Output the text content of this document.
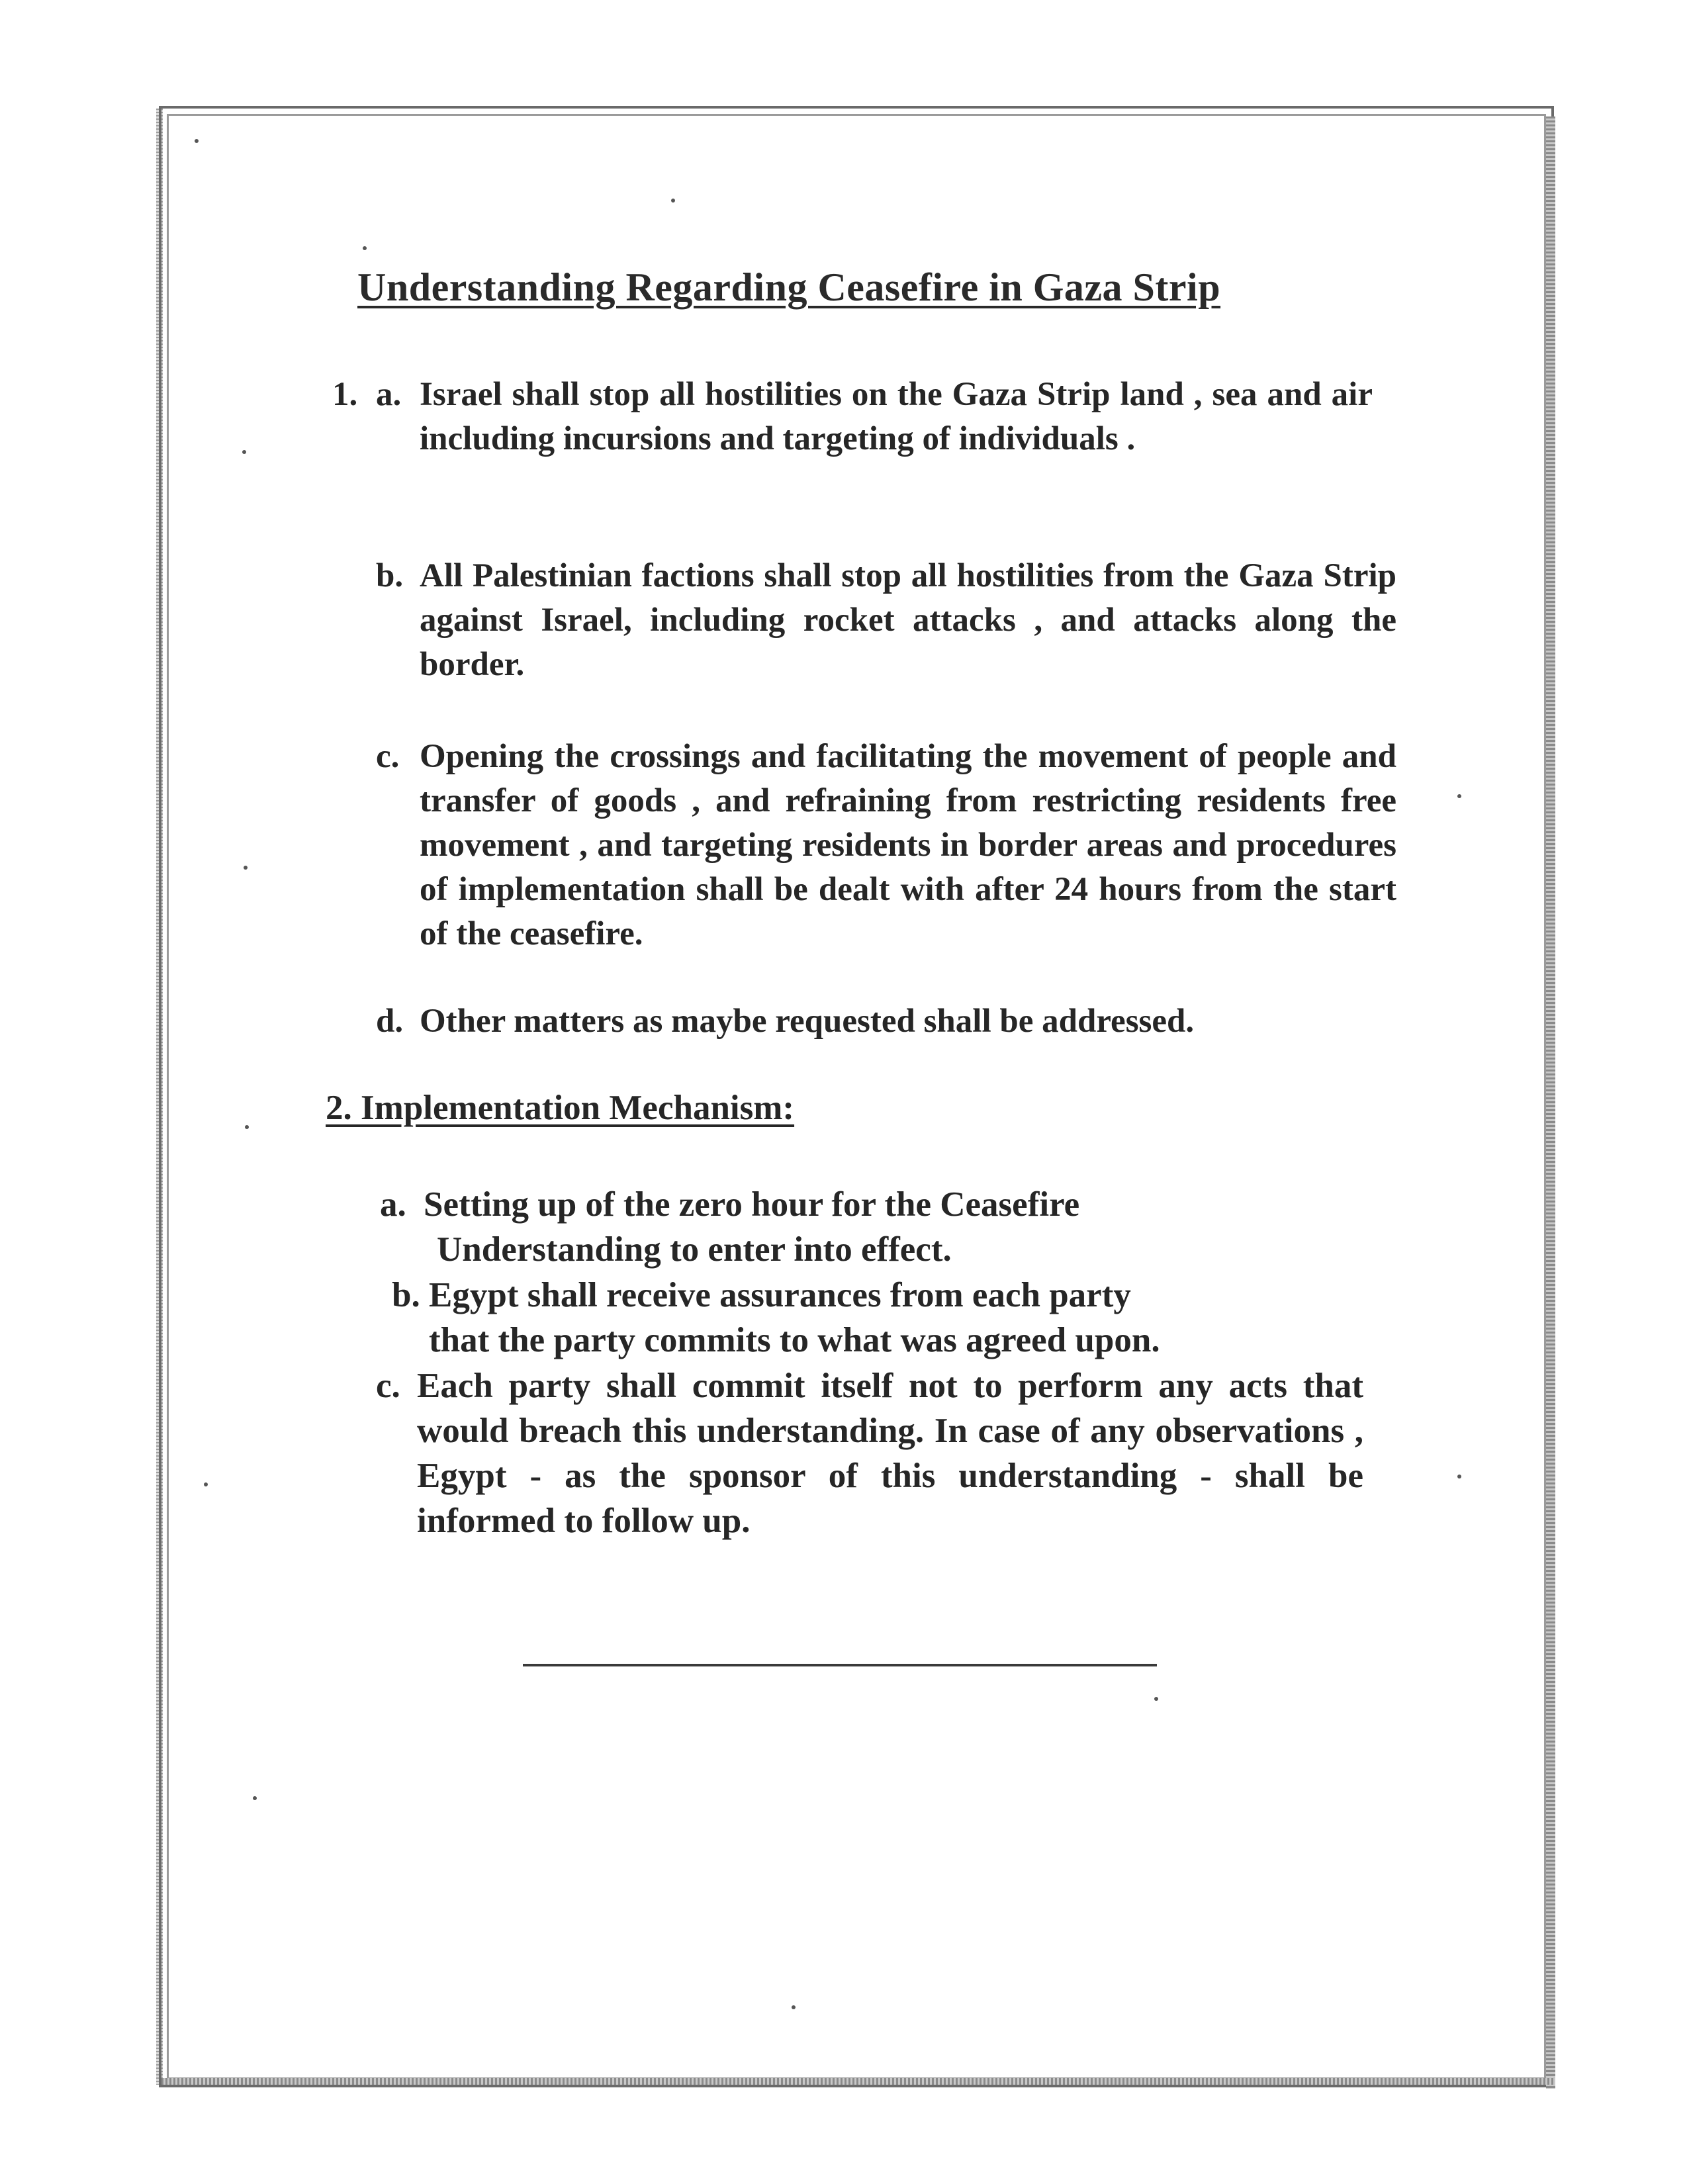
Understanding Regarding Ceasefire in Gaza Strip
1. a. Israel shall stop all hostilities on the Gaza Strip land , sea and air including incursions and targeting of individuals .
b. All Palestinian factions shall stop all hostilities from the Gaza Strip against Israel, including rocket attacks , and attacks along the border.
c. Opening the crossings and facilitating the movement of people and transfer of goods , and refraining from restricting residents free movement , and targeting residents in border areas and procedures of implementation shall be dealt with after 24 hours from the start of the ceasefire.
d. Other matters as maybe requested shall be addressed.
2. Implementation Mechanism:
a. Setting up of the zero hour for the Ceasefire
Understanding to enter into effect.
b. Egypt shall receive assurances from each party
that the party commits to what was agreed upon.
c. Each party shall commit itself not to perform any acts that would breach this understanding. In case of any observations , Egypt - as the sponsor of this understanding - shall be informed to follow up.
